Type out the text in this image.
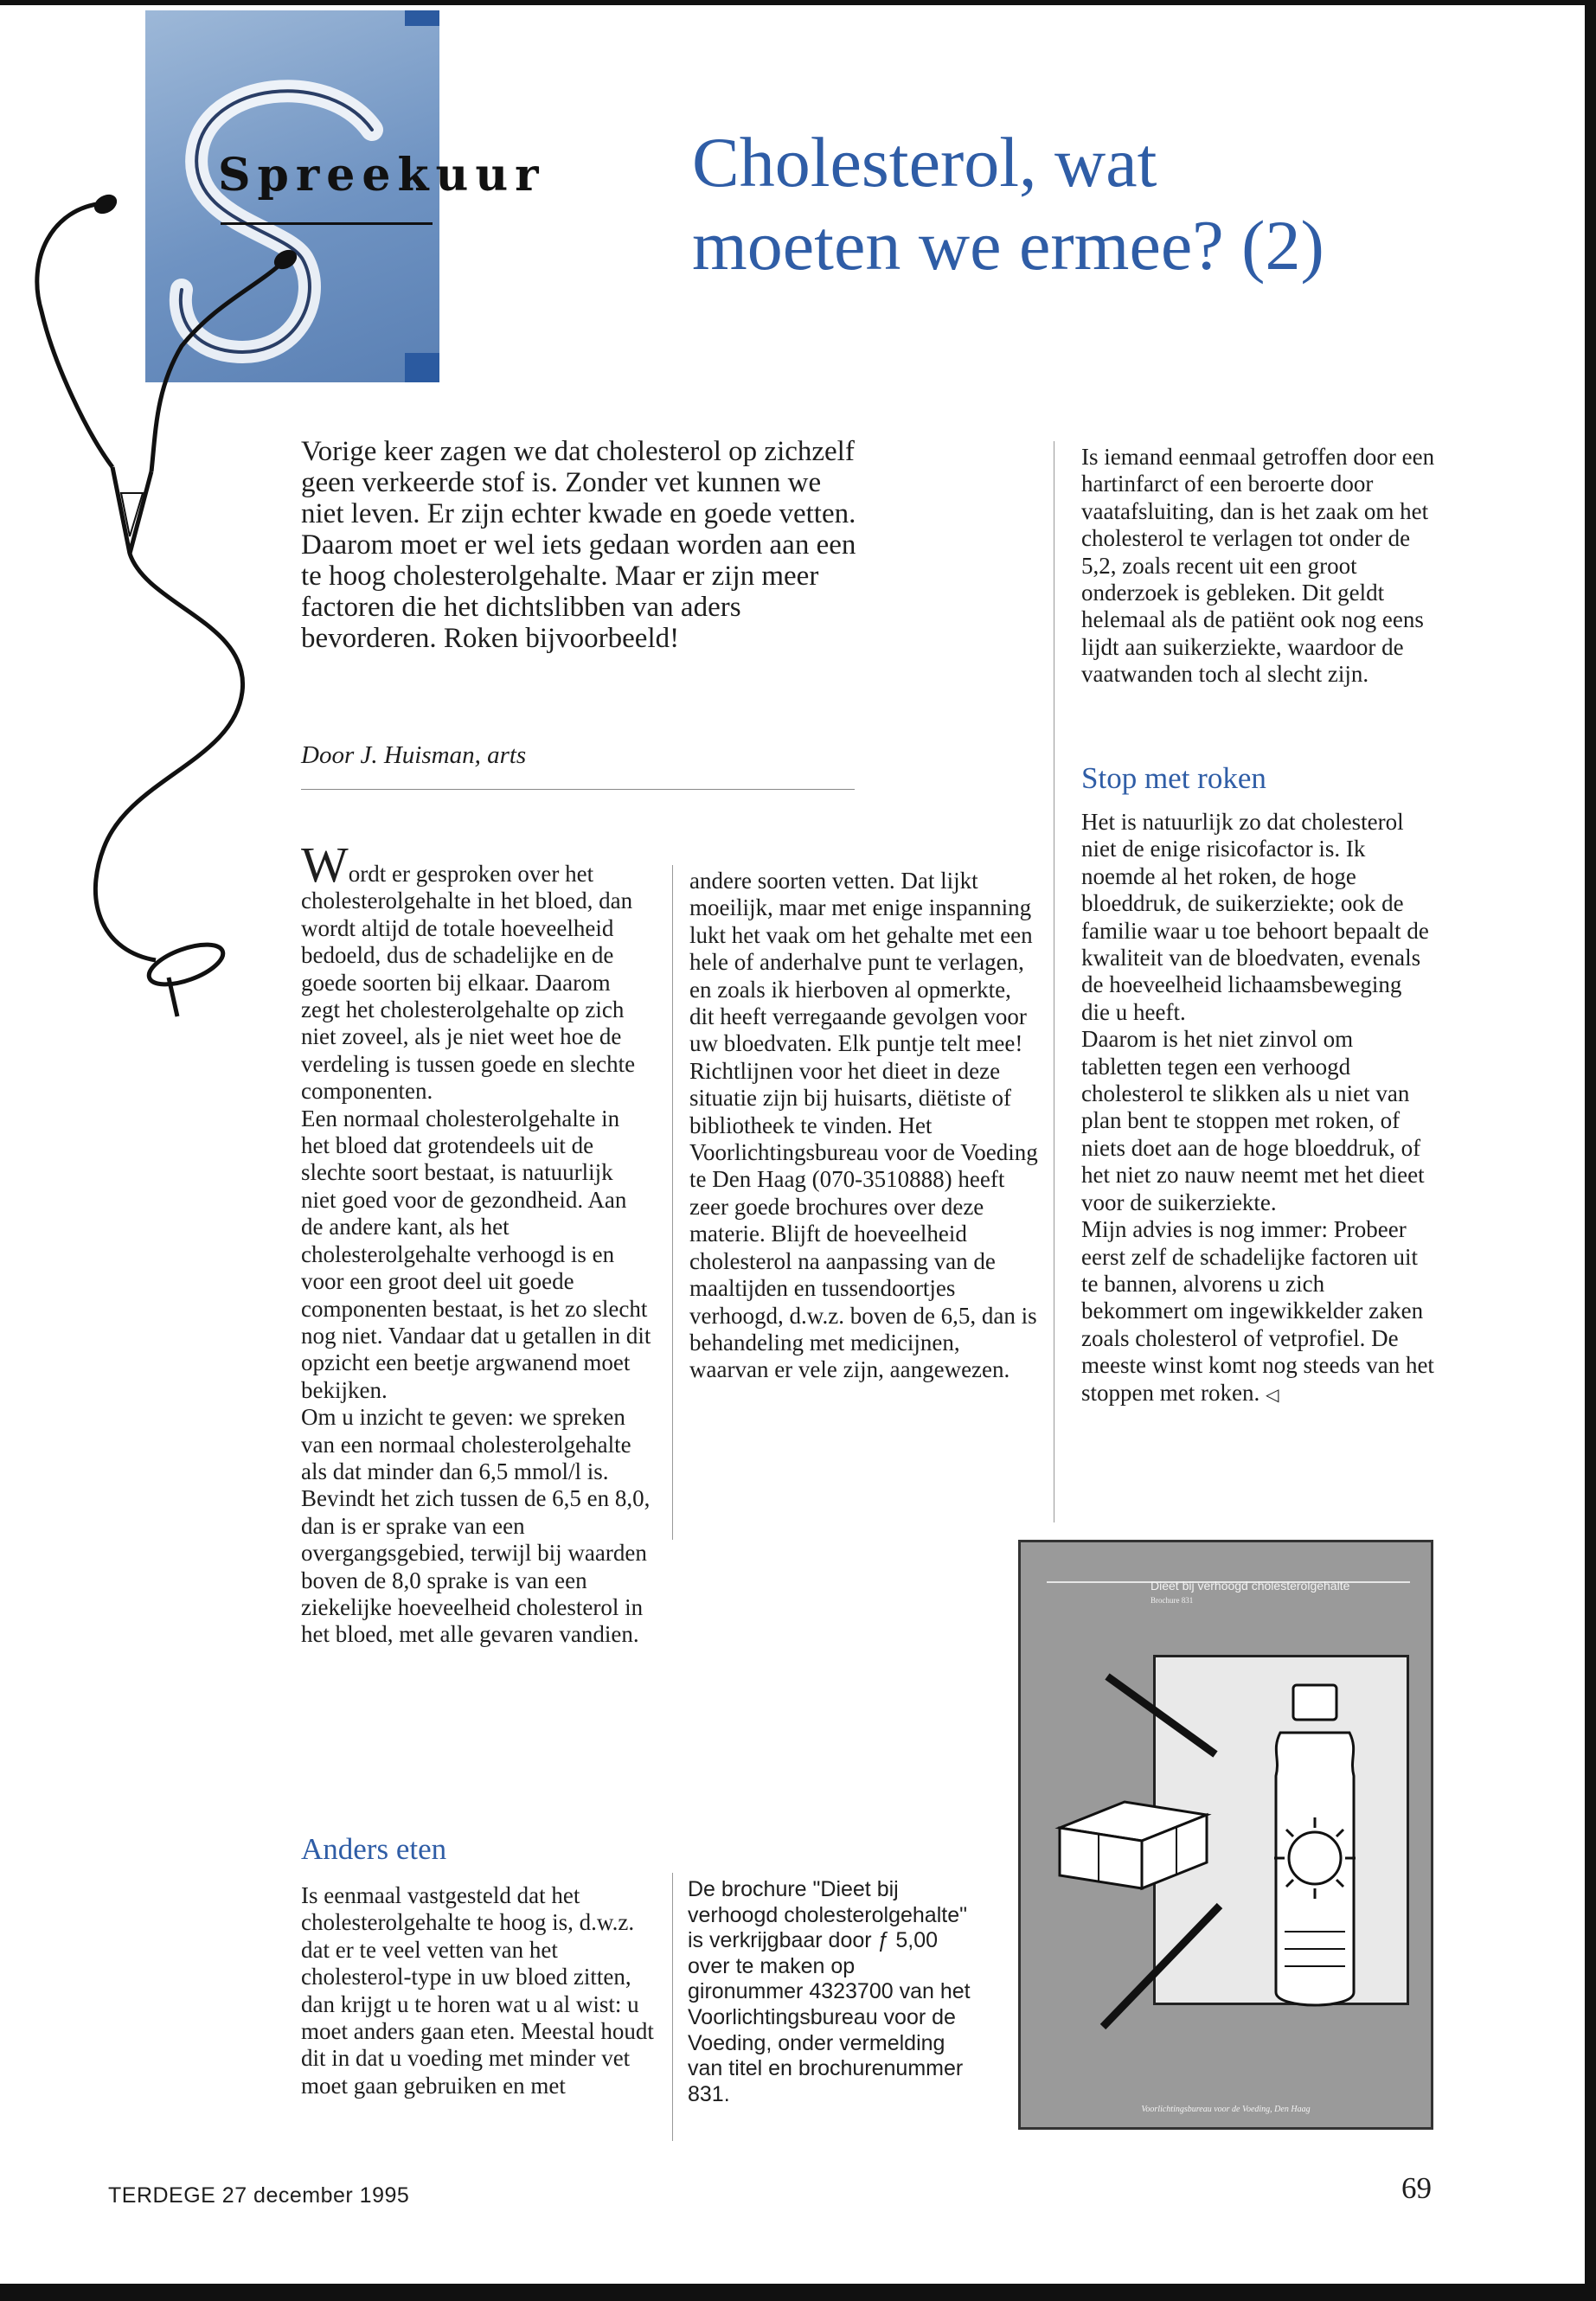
Spreekuur Cholesterol, wat
moeten we ermee? (2)

Vorige keer zagen we dat cholesterol op zichzelf geen verkeerde stof is. Zonder vet kunnen we niet leven. Er zijn echter kwade en goede vetten. Daarom moet er wel iets gedaan worden aan een te hoog cholesterolgehalte. Maar er zijn meer factoren die het dichtslibben van aders bevorderen. Roken bijvoorbeeld!

Door J. Huisman, arts
Wordt er gesproken over het cholesterolgehalte in het bloed, dan wordt altijd de totale hoeveelheid bedoeld, dus de schadelijke en de goede soorten bij elkaar. Daarom zegt het cholesterolgehalte op zich niet zoveel, als je niet weet hoe de verdeling is tussen goede en slechte componenten.
Een normaal cholesterolgehalte in het bloed dat grotendeels uit de slechte soort bestaat, is natuurlijk niet goed voor de gezondheid. Aan de andere kant, als het cholesterolgehalte verhoogd is en voor een groot deel uit goede componenten bestaat, is het zo slecht nog niet. Vandaar dat u getallen in dit opzicht een beetje argwanend moet bekijken.
Om u inzicht te geven: we spreken van een normaal cholesterolgehalte als dat minder dan 6,5 mmol/l is. Bevindt het zich tussen de 6,5 en 8,0, dan is er sprake van een overgangsgebied, terwijl bij waarden boven de 8,0 sprake is van een ziekelijke hoeveelheid cholesterol in het bloed, met alle gevaren vandien.
Anders eten

Is eenmaal vastgesteld dat het cholesterolgehalte te hoog is, d.w.z. dat er te veel vetten van het cholesterol-type in uw bloed zitten, dan krijgt u te horen wat u al wist: u moet anders gaan eten. Meestal houdt dit in dat u voeding met minder vet moet gaan gebruiken en met

andere soorten vetten. Dat lijkt moeilijk, maar met enige inspanning lukt het vaak om het gehalte met een hele of anderhalve punt te verlagen, en zoals ik hierboven al opmerkte, dit heeft verregaande gevolgen voor uw bloedvaten. Elk puntje telt mee!
Richtlijnen voor het dieet in deze situatie zijn bij huisarts, diëtiste of bibliotheek te vinden. Het Voorlichtingsbureau voor de Voeding te Den Haag (070-3510888) heeft zeer goede brochures over deze materie. Blijft de hoeveelheid cholesterol na aanpassing van de maaltijden en tussendoortjes verhoogd, d.w.z. boven de 6,5, dan is behandeling met medicijnen, waarvan er vele zijn, aangewezen.

Is iemand eenmaal getroffen door een hartinfarct of een beroerte door vaatafsluiting, dan is het zaak om het cholesterol te verlagen tot onder de 5,2, zoals recent uit een groot onderzoek is gebleken. Dit geldt helemaal als de patiënt ook nog eens lijdt aan suikerziekte, waardoor de vaatwanden toch al slecht zijn.

Stop met roken
Het is natuurlijk zo dat cholesterol niet de enige risicofactor is. Ik noemde al het roken, de hoge bloeddruk, de suikerziekte; ook de familie waar u toe behoort bepaalt de kwaliteit van de bloedvaten, evenals de hoeveelheid lichaamsbeweging die u heeft.
Daarom is het niet zinvol om tabletten tegen een verhoogd cholesterol te slikken als u niet van plan bent te stoppen met roken, of niets doet aan de hoge bloeddruk, of het niet zo nauw neemt met het dieet voor de suikerziekte.
Mijn advies is nog immer: Probeer eerst zelf de schadelijke factoren uit te bannen, alvorens u zich bekommert om ingewikkelder zaken zoals cholesterol of vetprofiel. De meeste winst komt nog steeds van het stoppen met roken. ◁

De brochure "Dieet bij verhoogd cholesterolgehalte" is verkrijgbaar door ƒ 5,00 over te maken op gironummer 4323700 van het Voorlichtingsbureau voor de Voeding, onder vermelding van titel en brochurenummer 831.

Dieet bij verhoogd cholesterolgehalte
Brochure 831
Voorlichtingsbureau voor de Voeding, Den Haag
TERDEGE 27 december 1995	69
